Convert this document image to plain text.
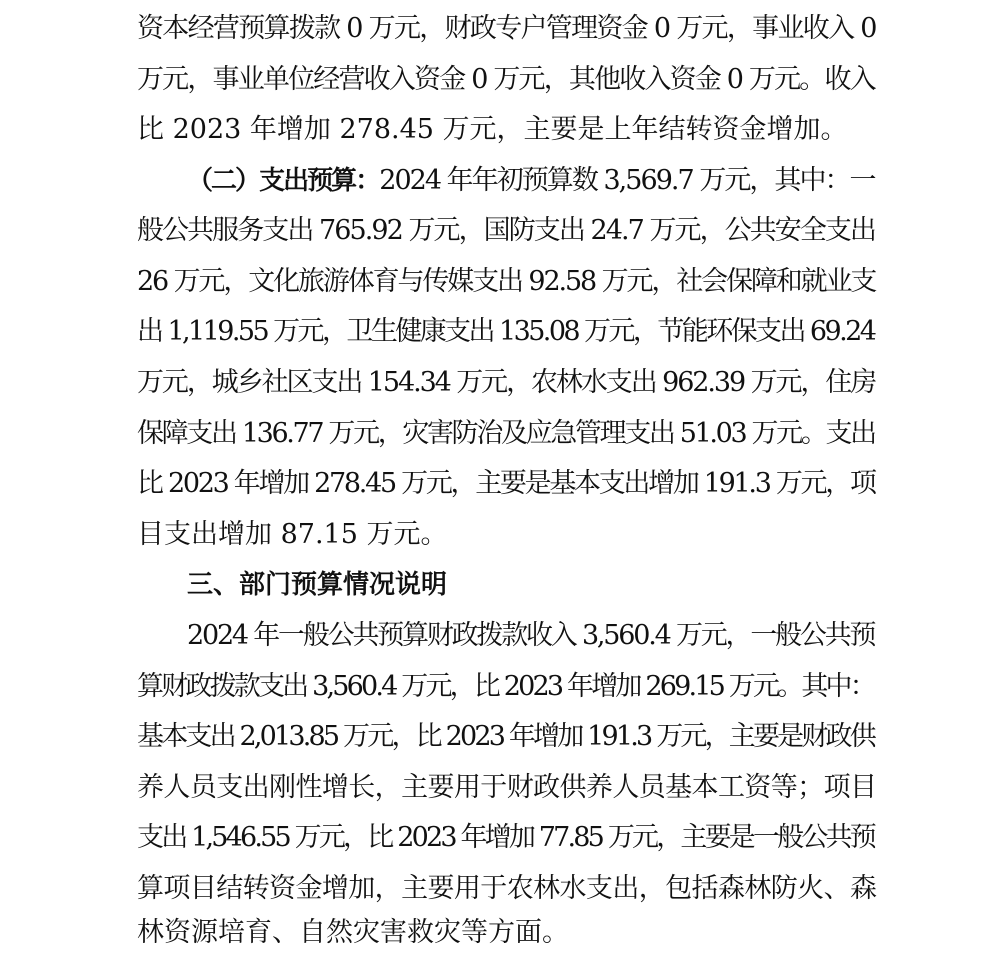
资本经营预算拨款 0 万元，财政专户管理资金 0 万元，事业收入 0
万元，事业单位经营收入资金 0 万元，其他收入资金 0 万元。收入
比 2023 年增加 278.45 万元，主要是上年结转资金增加。
（二）支出预算：2024 年年初预算数 3,569.7 万元，其中：一
般公共服务支出 765.92 万元，国防支出 24.7 万元，公共安全支出
26 万元，文化旅游体育与传媒支出 92.58 万元，社会保障和就业支
出 1,119.55 万元，卫生健康支出 135.08 万元，节能环保支出 69.24
万元，城乡社区支出 154.34 万元，农林水支出 962.39 万元，住房
保障支出 136.77 万元，灾害防治及应急管理支出 51.03 万元。支出
比 2023 年增加 278.45 万元，主要是基本支出增加 191.3 万元，项
目支出增加 87.15 万元。
三、部门预算情况说明
2024 年一般公共预算财政拨款收入 3,560.4 万元，一般公共预
算财政拨款支出 3,560.4 万元，比 2023 年增加 269.15 万元。其中：
基本支出 2,013.85 万元，比 2023 年增加 191.3 万元，主要是财政供
养人员支出刚性增长，主要用于财政供养人员基本工资等；项目
支出 1,546.55 万元，比 2023 年增加 77.85 万元，主要是一般公共预
算项目结转资金增加，主要用于农林水支出，包括森林防火、森
林资源培育、自然灾害救灾等方面。
